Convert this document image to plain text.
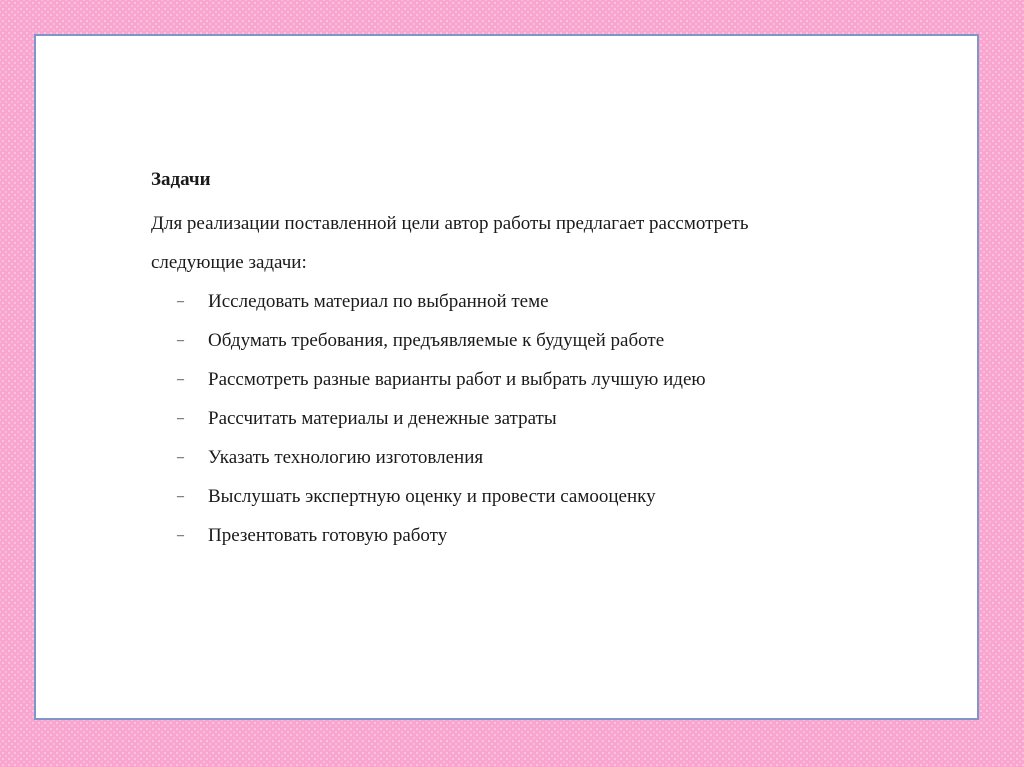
Задачи

Для реализации поставленной цели автор работы предлагает рассмотреть

следующие задачи:

– Исследовать материал по выбранной теме
– Обдумать требования, предъявляемые к будущей работе
– Рассмотреть разные варианты работ и выбрать лучшую идею
– Рассчитать материалы и денежные затраты
– Указать технологию изготовления
– Выслушать экспертную оценку и провести самооценку
– Презентовать готовую работу
